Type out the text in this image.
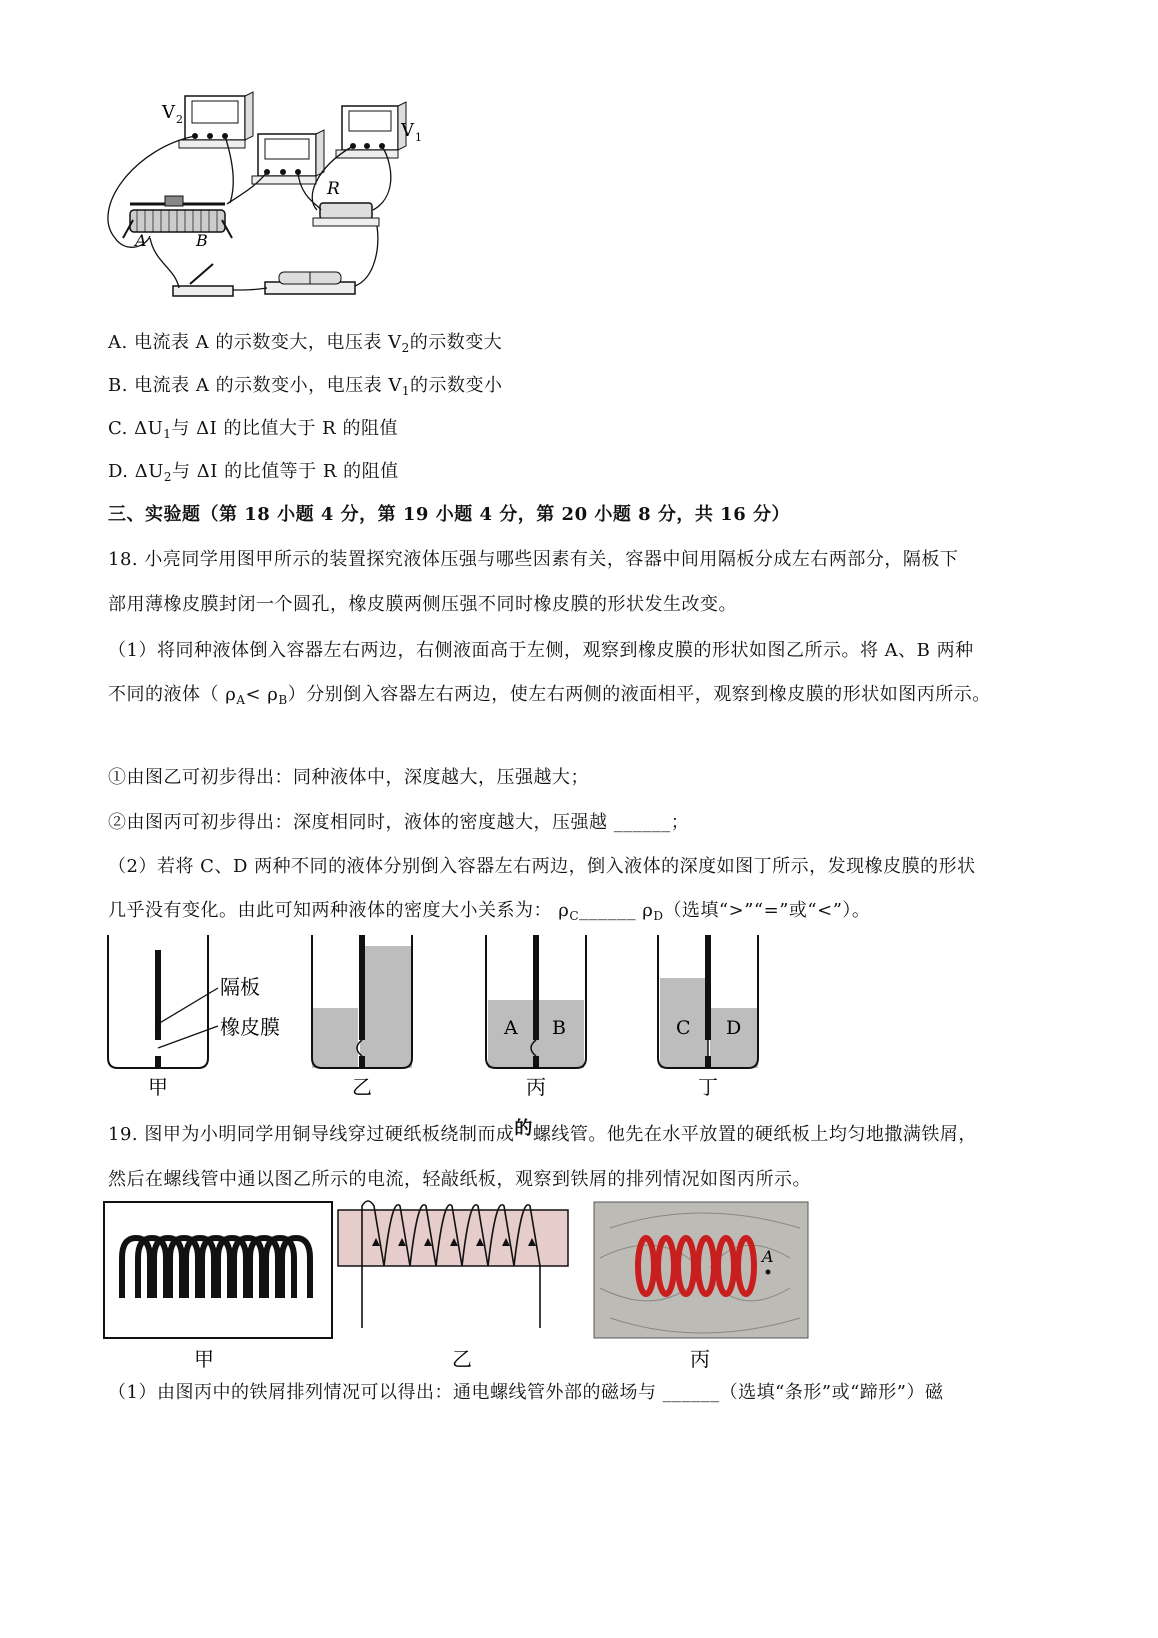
V 2
V 1
A	B
R
A. 电流表 A 的示数变大，电压表 $V_2$的示数变大
B. 电流表 A 的示数变小，电压表 $V_1$的示数变小
C. $\Delta U_1$与 ΔI 的比值大于 R 的阻值
D. $\Delta U_2$与 ΔI 的比值等于 R 的阻值
三、实验题（第 18 小题 4 分，第 19 小题 4 分，第 20 小题 8 分，共 16 分）
18. 小亮同学用图甲所示的装置探究液体压强与哪些因素有关，容器中间用隔板分成左右两部分，隔板下
部用薄橡皮膜封闭一个圆孔，橡皮膜两侧压强不同时橡皮膜的形状发生改变。
（1）将同种液体倒入容器左右两边，右侧液面高于左侧，观察到橡皮膜的形状如图乙所示。将 A、B 两种
不同的液体（ $\rho_A< \rho_B$）分别倒入容器左右两边，使左右两侧的液面相平，观察到橡皮膜的形状如图丙所示。
①由图乙可初步得出：同种液体中，深度越大，压强越大；
②由图丙可初步得出：深度相同时，液体的密度越大，压强越 ______；
（2）若将 C、D 两种不同的液体分别倒入容器左右两边，倒入液体的深度如图丁所示，发现橡皮膜的形状
几乎没有变化。由此可知两种液体的密度大小关系为： $\rho_C\_\_\_\_\_\_$ $\rho_D$（选填“>”“=”或“<”）。
隔板
橡皮膜
甲	乙
A B
丙
C D
丁
19. 图甲为小明同学用铜导线穿过硬纸板绕制而成的螺线管。他先在水平放置的硬纸板上均匀地撒满铁屑，
然后在螺线管中通以图乙所示的电流，轻敲纸板，观察到铁屑的排列情况如图丙所示。
甲	乙
A
丙
（1）由图丙中的铁屑排列情况可以得出：通电螺线管外部的磁场与 ______（选填“条形”或“蹄形”）磁
